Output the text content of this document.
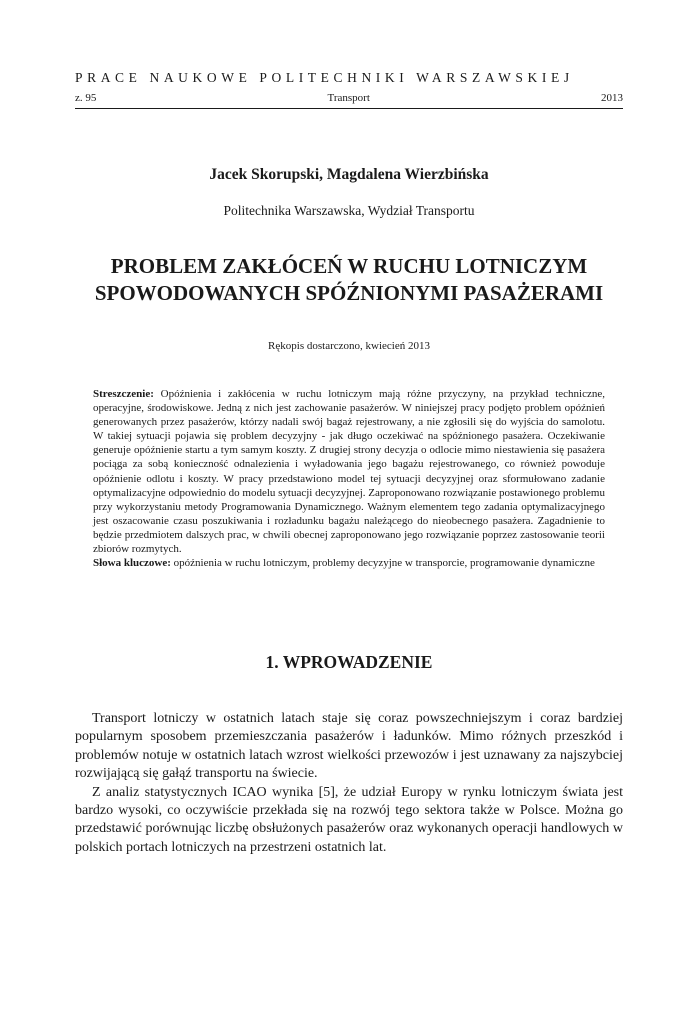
PRACE NAUKOWE POLITECHNIKI WARSZAWSKIEJ
z. 95	Transport	2013
Jacek Skorupski, Magdalena Wierzbińska
Politechnika Warszawska, Wydział Transportu
PROBLEM ZAKŁÓCEŃ W RUCHU LOTNICZYM
SPOWODOWANYCH SPÓŹNIONYMI PASAŻERAMI
Rękopis dostarczono, kwiecień 2013

Streszczenie: Opóźnienia i zakłócenia w ruchu lotniczym mają różne przyczyny, na przykład techniczne, operacyjne, środowiskowe. Jedną z nich jest zachowanie pasażerów. W niniejszej pracy podjęto problem opóźnień generowanych przez pasażerów, którzy nadali swój bagaż rejestrowany, a nie zgłosili się do wyjścia do samolotu. W takiej sytuacji pojawia się problem decyzyjny - jak długo oczekiwać na spóźnionego pasażera. Oczekiwanie generuje opóźnienie startu a tym samym koszty. Z drugiej strony decyzja o odlocie mimo niestawienia się pasażera pociąga za sobą konieczność odnalezienia i wyładowania jego bagażu rejestrowanego, co również powoduje opóźnienie odlotu i koszty. W pracy przedstawiono model tej sytuacji decyzyjnej oraz sformułowano zadanie optymalizacyjne odpowiednio do modelu sytuacji decyzyjnej. Zaproponowano rozwiązanie postawionego problemu przy wykorzystaniu metody Programowania Dynamicznego. Ważnym elementem tego zadania optymalizacyjnego jest oszacowanie czasu poszukiwania i rozładunku bagażu należącego do nieobecnego pasażera. Zagadnienie to będzie przedmiotem dalszych prac, w chwili obecnej zaproponowano jego rozwiązanie poprzez zastosowanie teorii zbiorów rozmytych.

Słowa kluczowe: opóźnienia w ruchu lotniczym, problemy decyzyjne w transporcie, programowanie dynamiczne

1. WPROWADZENIE

Transport lotniczy w ostatnich latach staje się coraz powszechniejszym i coraz bardziej popularnym sposobem przemieszczania pasażerów i ładunków. Mimo różnych przeszkód i problemów notuje w ostatnich latach wzrost wielkości przewozów i jest uznawany za najszybciej rozwijającą się gałąź transportu na świecie.

Z analiz statystycznych ICAO wynika [5], że udział Europy w rynku lotniczym świata jest bardzo wysoki, co oczywiście przekłada się na rozwój tego sektora także w Polsce. Można go przedstawić porównując liczbę obsłużonych pasażerów oraz wykonanych operacji handlowych w polskich portach lotniczych na przestrzeni ostatnich lat.
